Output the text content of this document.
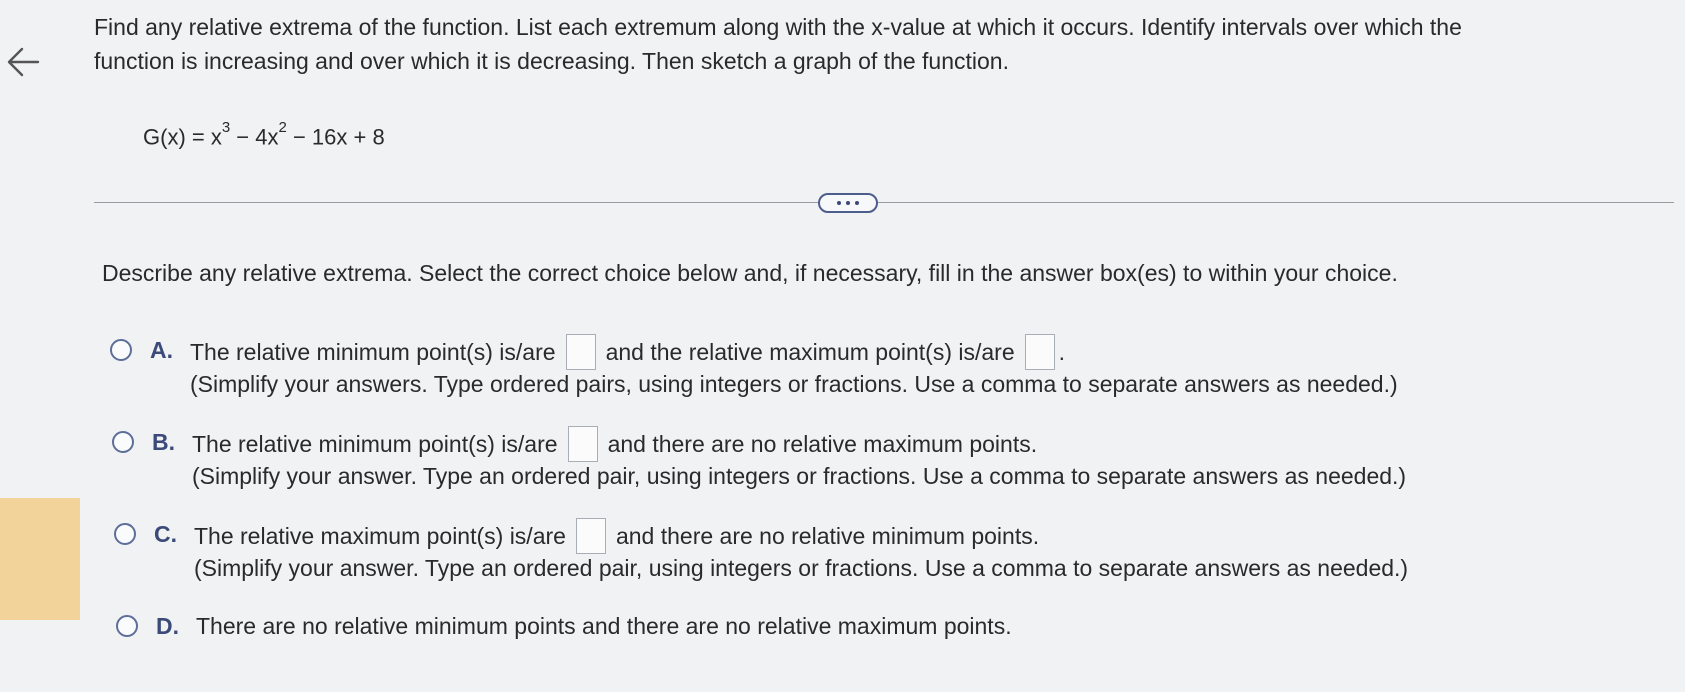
Find any relative extrema of the function. List each extremum along with the x-value at which it occurs. Identify intervals over which the
function is increasing and over which it is decreasing. Then sketch a graph of the function.
$G(x) = x^3 - 4x^2 - 16x + 8$
Describe any relative extrema. Select the correct choice below and, if necessary, fill in the answer box(es) to within your choice.
A. The relative minimum point(s) is/are and the relative maximum point(s) is/are .
(Simplify your answers. Type ordered pairs, using integers or fractions. Use a comma to separate answers as needed.)
B. The relative minimum point(s) is/are and there are no relative maximum points.
(Simplify your answer. Type an ordered pair, using integers or fractions. Use a comma to separate answers as needed.)
C. The relative maximum point(s) is/are and there are no relative minimum points.
(Simplify your answer. Type an ordered pair, using integers or fractions. Use a comma to separate answers as needed.)
D. There are no relative minimum points and there are no relative maximum points.
